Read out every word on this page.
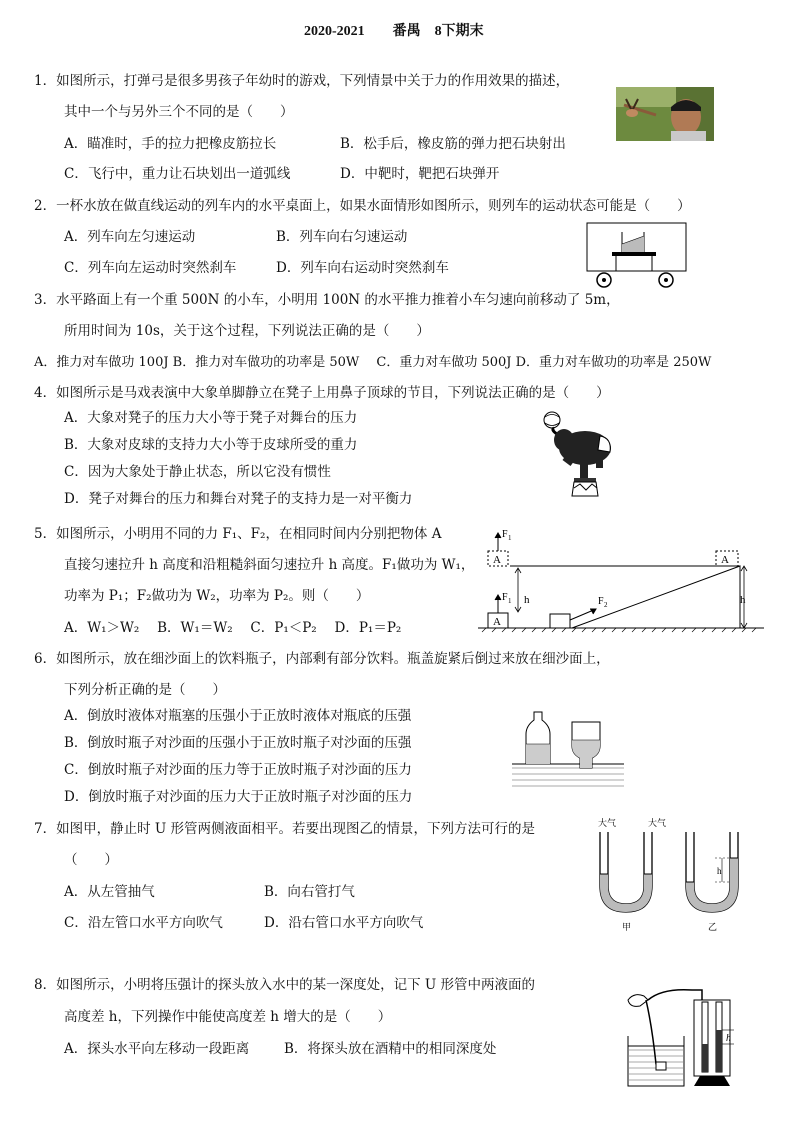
2020-2021　　番禺　8下期末
1．如图所示，打弹弓是很多男孩子年幼时的游戏，下列情景中关于力的作用效果的描述，
其中一个与另外三个不同的是（　　）
A．瞄准时，手的拉力把橡皮筋拉长	B．松手后，橡皮筋的弹力把石块射出
C．飞行中，重力让石块划出一道弧线	D．中靶时，靶把石块弹开
2．一杯水放在做直线运动的列车内的水平桌面上，如果水面情形如图所示，则列车的运动状态可能是（　　）
A．列车向左匀速运动	B．列车向右匀速运动
C．列车向左运动时突然刹车	D．列车向右运动时突然刹车
3．水平路面上有一个重 500N 的小车，小明用 100N 的水平推力推着小车匀速向前移动了 5m，
所用时间为 10s，关于这个过程，下列说法正确的是（　　）
A．推力对车做功 100J B．推力对车做功的功率是 50W　 C．重力对车做功 500J D．重力对车做功的功率是 250W
4．如图所示是马戏表演中大象单脚静立在凳子上用鼻子顶球的节目，下列说法正确的是（　　）
A．大象对凳子的压力大小等于凳子对舞台的压力
B．大象对皮球的支持力大小等于皮球所受的重力
C．因为大象处于静止状态，所以它没有惯性
D．凳子对舞台的压力和舞台对凳子的支持力是一对平衡力
5．如图所示，小明用不同的力 F₁、F₂，在相同时间内分别把物体 A
直接匀速拉升 h 高度和沿粗糙斜面匀速拉升 h 高度。F₁做功为 W₁，
功率为 P₁；F₂做功为 W₂，功率为 P₂。则（　　）
A．W₁＞W₂　 B．W₁＝W₂　 C．P₁＜P₂　 D．P₁＝P₂
h
h
A
F 1
A
F 1
F 2
A
6．如图所示，放在细沙面上的饮料瓶子，内部剩有部分饮料。瓶盖旋紧后倒过来放在细沙面上，
下列分析正确的是（　　）
A．倒放时液体对瓶塞的压强小于正放时液体对瓶底的压强
B．倒放时瓶子对沙面的压强小于正放时瓶子对沙面的压强
C．倒放时瓶子对沙面的压力等于正放时瓶子对沙面的压力
D．倒放时瓶子对沙面的压力大于正放时瓶子对沙面的压力
7．如图甲，静止时 U 形管两侧液面相平。若要出现图乙的情景，下列方法可行的是
（　　）
A．从左管抽气	B．向右管打气
C．沿左管口水平方向吹气	D．沿右管口水平方向吹气
大气	大气
甲
h
乙
8．如图所示，小明将压强计的探头放入水中的某一深度处，记下 U 形管中两液面的
高度差 h，下列操作中能使高度差 h 增大的是（　　）
A．探头水平向左移动一段距离	B．将探头放在酒精中的相同深度处
h
